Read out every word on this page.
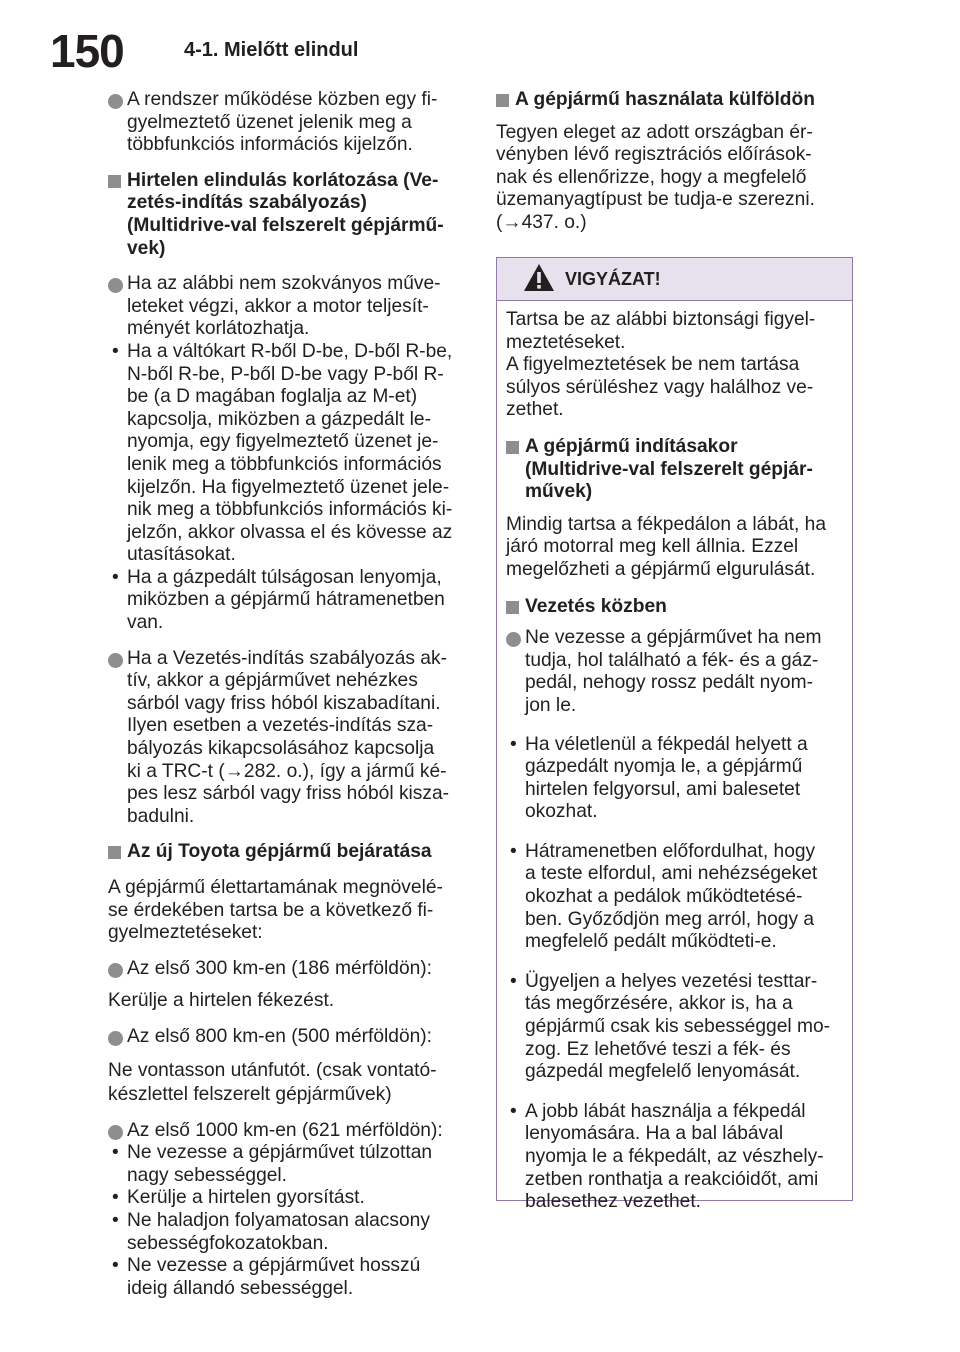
150	4-1. Mielőtt elindul
A rendszer működése közben egy fi-
gyelmeztető üzenet jelenik meg a
többfunkciós információs kijelzőn.
Hirtelen elindulás korlátozása (Ve-
zetés-indítás szabályozás)
(Multidrive-val felszerelt gépjármű-
vek)
Ha az alábbi nem szokványos műve-
leteket végzi, akkor a motor teljesít-
ményét korlátozhatja.
• Ha a váltókart R-ből D-be, D-ből R-be,
N-ből R-be, P-ből D-be vagy P-ből R-
be (a D magában foglalja az M-et)
kapcsolja, miközben a gázpedált le-
nyomja, egy figyelmeztető üzenet je-
lenik meg a többfunkciós információs
kijelzőn. Ha figyelmeztető üzenet jele-
nik meg a többfunkciós információs ki-
jelzőn, akkor olvassa el és kövesse az
utasításokat.
• Ha a gázpedált túlságosan lenyomja,
miközben a gépjármű hátramenetben
van.
Ha a Vezetés-indítás szabályozás ak-
tív, akkor a gépjárművet nehézkes
sárból vagy friss hóból kiszabadítani.
Ilyen esetben a vezetés-indítás sza-
bályozás kikapcsolásához kapcsolja
ki a TRC-t (→282. o.), így a jármű ké-
pes lesz sárból vagy friss hóból kisza-
badulni.
Az új Toyota gépjármű bejáratása
A gépjármű élettartamának megnövelé-
se érdekében tartsa be a következő fi-
gyelmeztetéseket:
Az első 300 km-en (186 mérföldön):
Kerülje a hirtelen fékezést.
Az első 800 km-en (500 mérföldön):
Ne vontasson utánfutót. (csak vontató-
készlettel felszerelt gépjárművek)
Az első 1000 km-en (621 mérföldön):
• Ne vezesse a gépjárművet túlzottan
nagy sebességgel.
• Kerülje a hirtelen gyorsítást.
• Ne haladjon folyamatosan alacsony
sebességfokozatokban.
• Ne vezesse a gépjárművet hosszú
ideig állandó sebességgel.
A gépjármű használata külföldön
Tegyen eleget az adott országban ér-
vényben lévő regisztrációs előírások-
nak és ellenőrizze, hogy a megfelelő
üzemanyagtípust be tudja-e szerezni.
(→437. o.)
VIGYÁZAT!
Tartsa be az alábbi biztonsági figyel-
meztetéseket.
A figyelmeztetések be nem tartása
súlyos sérüléshez vagy halálhoz ve-
zethet.
A gépjármű indításakor
(Multidrive-val felszerelt gépjár-
művek)
Mindig tartsa a fékpedálon a lábát, ha
járó motorral meg kell állnia. Ezzel
megelőzheti a gépjármű elgurulását.
Vezetés közben
Ne vezesse a gépjárművet ha nem
tudja, hol található a fék- és a gáz-
pedál, nehogy rossz pedált nyom-
jon le.
• Ha véletlenül a fékpedál helyett a
gázpedált nyomja le, a gépjármű
hirtelen felgyorsul, ami balesetet
okozhat.
• Hátramenetben előfordulhat, hogy
a teste elfordul, ami nehézségeket
okozhat a pedálok működtetésé-
ben. Győződjön meg arról, hogy a
megfelelő pedált működteti-e.
• Ügyeljen a helyes vezetési testtar-
tás megőrzésére, akkor is, ha a
gépjármű csak kis sebességgel mo-
zog. Ez lehetővé teszi a fék- és
gázpedál megfelelő lenyomását.
• A jobb lábát használja a fékpedál
lenyomására. Ha a bal lábával
nyomja le a fékpedált, az vészhely-
zetben ronthatja a reakcióidőt, ami
balesethez vezethet.
